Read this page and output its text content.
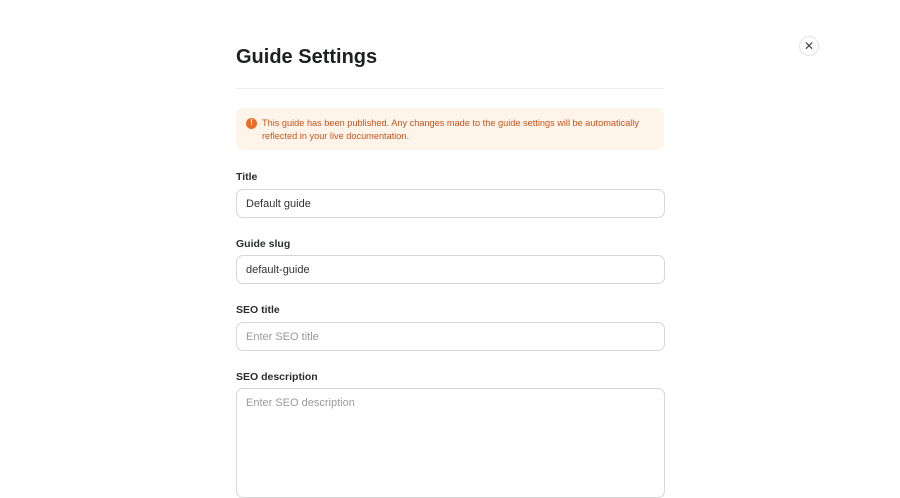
✕
Guide Settings
! This guide has been published. Any changes made to the guide settings will be automatically reflected in your live documentation.
Title
Default guide
Guide slug
default-guide
SEO title
Enter SEO title
SEO description
Enter SEO description
